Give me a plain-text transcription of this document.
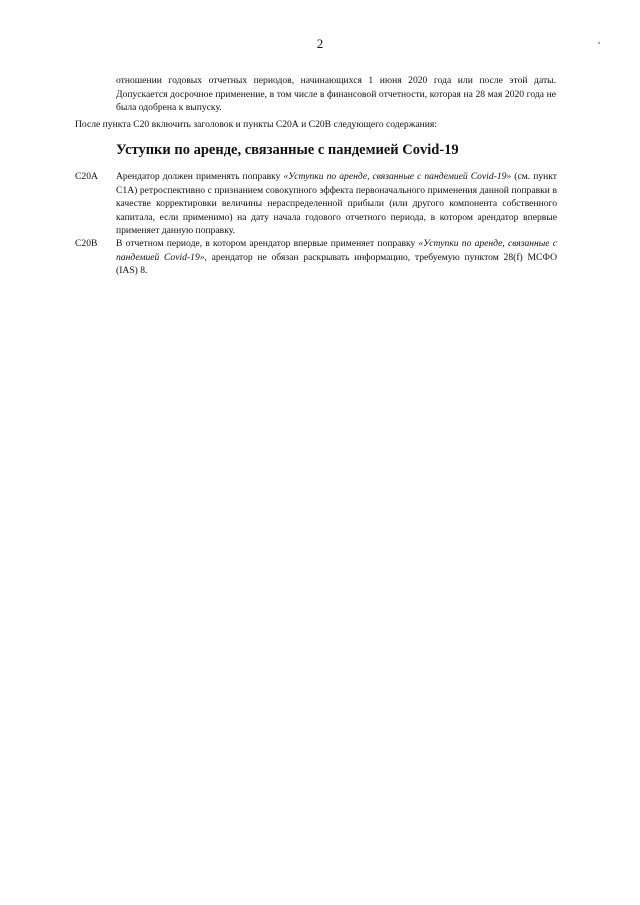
2
отношении годовых отчетных периодов, начинающихся 1 июня 2020 года или после этой даты. Допускается досрочное применение, в том числе в финансовой отчетности, которая на 28 мая 2020 года не была одобрена к выпуску.
После пункта С20 включить заголовок и пункты С20А и С20В следующего содержания:
Уступки по аренде, связанные с пандемией Covid-19
С20А	Арендатор должен применять поправку «Уступки по аренде, связанные с пандемией Covid-19» (см. пункт С1А) ретроспективно с признанием совокупного эффекта первоначального применения данной поправки в качестве корректировки величины нераспределенной прибыли (или другого компонента собственного капитала, если применимо) на дату начала годового отчетного периода, в котором арендатор впервые применяет данную поправку.
С20В	В отчетном периоде, в котором арендатор впервые применяет поправку «Уступки по аренде, связанные с пандемией Covid-19», арендатор не обязан раскрывать информацию, требуемую пунктом 28(f) МСФО (IAS) 8.
